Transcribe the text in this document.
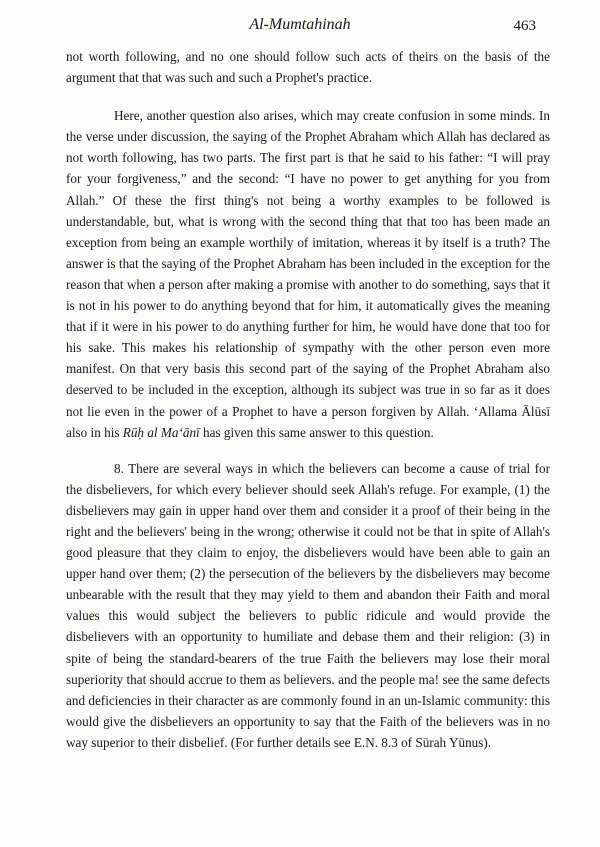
Al-Mumtahinah	463

not worth following, and no one should follow such acts of theirs on the basis of the argument that that was such and such a Prophet's practice.

Here, another question also arises, which may create confusion in some minds. In the verse under discussion, the saying of the Prophet Abraham which Allah has declared as not worth following, has two parts. The first part is that he said to his father: “I will pray for your forgiveness,” and the second: “I have no power to get anything for you from Allah.” Of these the first thing's not being a worthy examples to be followed is understandable, but, what is wrong with the second thing that that too has been made an exception from being an example worthily of imitation, whereas it by itself is a truth? The answer is that the saying of the Prophet Abraham has been included in the exception for the reason that when a person after making a promise with another to do something, says that it is not in his power to do anything beyond that for him, it automatically gives the meaning that if it were in his power to do anything further for him, he would have done that too for his sake. This makes his relationship of sympathy with the other person even more manifest. On that very basis this second part of the saying of the Prophet Abraham also deserved to be included in the exception, although its subject was true in so far as it does not lie even in the power of a Prophet to have a person forgiven by Allah. ‘Allama Ālūsī also in his Rūḥ al Ma‘ānī has given this same answer to this question.

8. There are several ways in which the believers can become a cause of trial for the disbelievers, for which every believer should seek Allah's refuge. For example, (1) the disbelievers may gain in upper hand over them and consider it a proof of their being in the right and the believers' being in the wrong; otherwise it could not be that in spite of Allah's good pleasure that they claim to enjoy, the disbelievers would have been able to gain an upper hand over them; (2) the persecution of the believers by the disbelievers may become unbearable with the result that they may yield to them and abandon their Faith and moral values this would subject the believers to public ridicule and would provide the disbelievers with an opportunity to humiliate and debase them and their religion: (3) in spite of being the standard-bearers of the true Faith the believers may lose their moral superiority that should accrue to them as believers. and the people ma! see the same defects and deficiencies in their character as are commonly found in an un-Islamic community: this would give the disbelievers an opportunity to say that the Faith of the believers was in no way superior to their disbelief. (For further details see E.N. 8.3 of Sūrah Yūnus).
